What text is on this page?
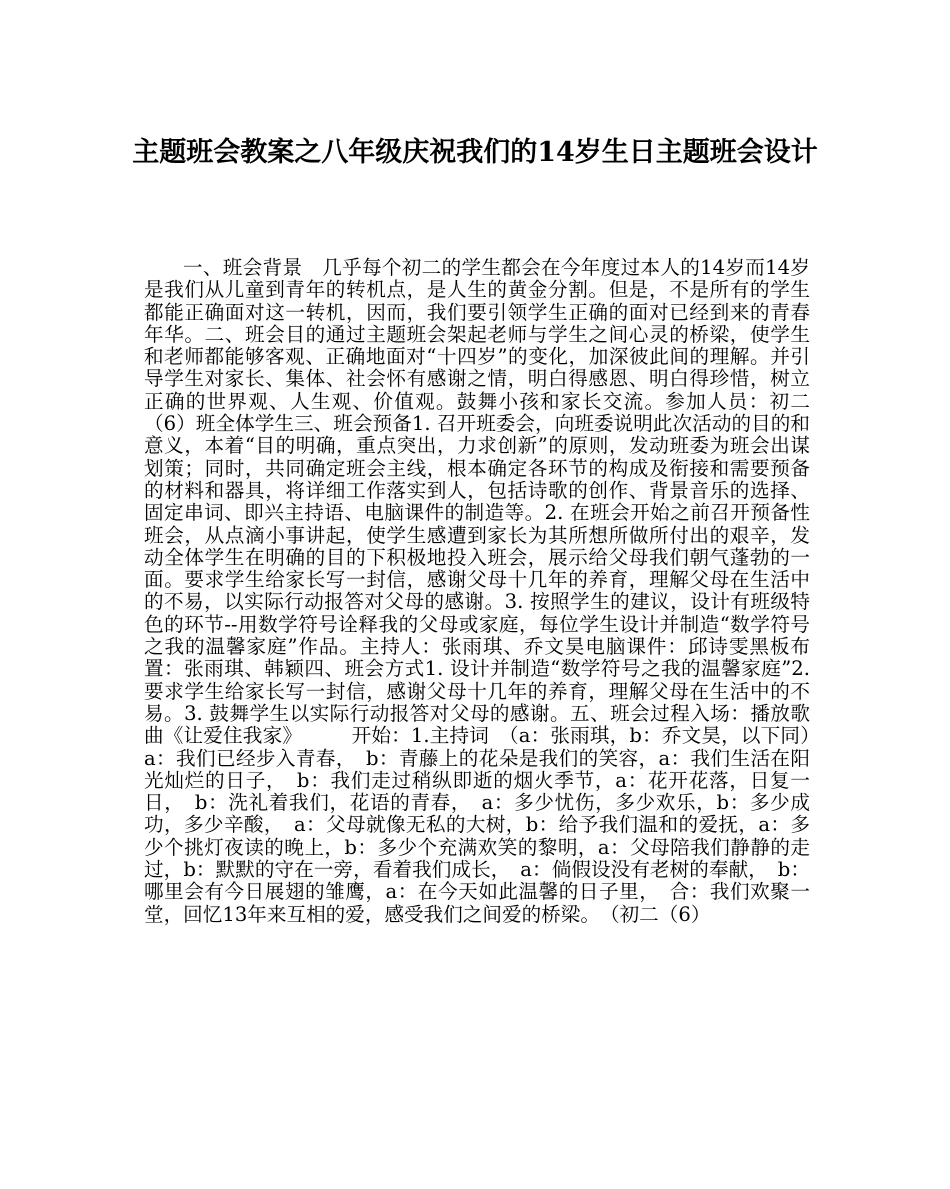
主题班会教案之八年级庆祝我们的14岁生日主题班会设计

一、班会背景　几乎每个初二的学生都会在今年度过本人的14岁而14岁是我们从儿童到青年的转机点，是人生的黄金分割。但是，不是所有的学生都能正确面对这一转机，因而，我们要引领学生正确的面对已经到来的青春年华。二、班会目的通过主题班会架起老师与学生之间心灵的桥梁，使学生和老师都能够客观、正确地面对“十四岁”的变化，加深彼此间的理解。并引导学生对家长、集体、社会怀有感谢之情，明白得感恩、明白得珍惜，树立正确的世界观、人生观、价值观。鼓舞小孩和家长交流。参加人员：初二（6）班全体学生三、班会预备1. 召开班委会，向班委说明此次活动的目的和意义，本着“目的明确，重点突出，力求创新”的原则，发动班委为班会出谋划策；同时，共同确定班会主线，根本确定各环节的构成及衔接和需要预备的材料和器具，将详细工作落实到人，包括诗歌的创作、背景音乐的选择、固定串词、即兴主持语、电脑课件的制造等。2. 在班会开始之前召开预备性班会，从点滴小事讲起，使学生感遭到家长为其所想所做所付出的艰辛，发动全体学生在明确的目的下积极地投入班会，展示给父母我们朝气蓬勃的一面。要求学生给家长写一封信，感谢父母十几年的养育，理解父母在生活中的不易，以实际行动报答对父母的感谢。3. 按照学生的建议，设计有班级特色的环节--用数学符号诠释我的父母或家庭，每位学生设计并制造“数学符号之我的温馨家庭”作品。主持人：张雨琪、乔文昊电脑课件：邱诗雯黑板布置：张雨琪、韩颖四、班会方式1. 设计并制造“数学符号之我的温馨家庭”2. 要求学生给家长写一封信，感谢父母十几年的养育，理解父母在生活中的不易。3. 鼓舞学生以实际行动报答对父母的感谢。五、班会过程入场：播放歌曲《让爱住我家》　　　开始：1.主持词　（a：张雨琪，b：乔文昊，以下同）a：我们已经步入青春，　b：青藤上的花朵是我们的笑容，a：我们生活在阳光灿烂的日子，　b：我们走过稍纵即逝的烟火季节，a：花开花落，日复一日，　b：洗礼着我们，花语的青春，　a：多少忧伤，多少欢乐，b：多少成功，多少辛酸，　a：父母就像无私的大树，b：给予我们温和的爱抚，a：多少个挑灯夜读的晚上，b：多少个充满欢笑的黎明，a：父母陪我们静静的走过，b：默默的守在一旁，看着我们成长，　a：倘假设没有老树的奉献，　b：哪里会有今日展翅的雏鹰，a：在今天如此温馨的日子里，　合：我们欢聚一堂，回忆13年来互相的爱，感受我们之间爱的桥梁。　（初二（6）
